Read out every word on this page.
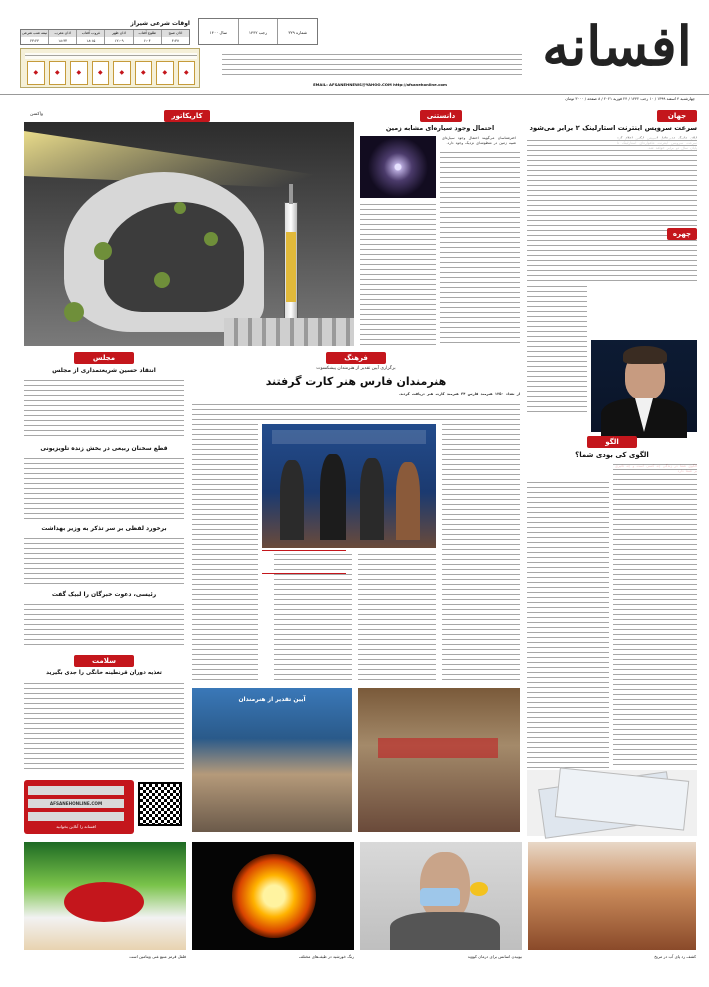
افسانه
اوقات شرعی شیراز
اذان صبح
۴:۳۷
طلوع آفتاب
۶:۰۴
اذان ظهر
۱۲:۰۹
غروب آفتاب
۱۸:۱۵
اذان مغرب
۱۸:۳۴
نیمه شب شرعی
۲۳:۲۴
شماره ۳۲۹
رجب ۱۴۴۲
سال ۱۴۰۰
◆	◆	◆	◆	◆	◆	◆	◆
EMAIL: AFSANEHNEWS@YAHOO.COM http://afsanehonline.com
چهارشنبه ۴ اسفند ۱۳۹۹ / ۱۰ رجب ۱۴۴۲ / ۲۴ فوریه ۲۰۲۱ / ۸ صفحه / ۳۰۰۰ تومان
جهان
سرعت سرویس اینترنت استارلینک ۲ برابر می‌شود
چهره
دانستنی
احتمال وجود سیاره‌ای مشابه زمین
اخترشناسان می‌گویند احتمال وجود سیاره‌ای شبیه زمین در منظومه‌ای نزدیک وجود دارد.
کاریکاتور
واکسن
مجلس
انتقاد حسین شریعتمداری از مجلس
قطع سخنان ربیعی در بخش زنده تلویزیونی
برخورد لفظی بر سر تذکر به وزیر بهداشت
رئیسی، دعوت خبرگان را لبیک گفت
سلامت
تغذیه دوران قرنطینه خانگی را جدی بگیرید
فرهنگ
برگزاری آیین تقدیر از هنرمندان پیشکسوت
هنرمندان فارس هنر کارت گرفتند
از تعداد ۱۲۵۰ هنرمند فارس ۳۴ هنرمند کارت هنر دریافت کردند.
آیین تقدیر از هنرمندان
الگو
الگوی کی بودی شما؟
AFSANEHONLINE.COM
افسانه را آنلاین بخوانید
فلفل قرمز منبع غنی ویتامین است	رنگ خورشید در طیف‌های مختلف	بوییدن اسانس برای درمان کووید	کشف رد پای آب در مریخ
